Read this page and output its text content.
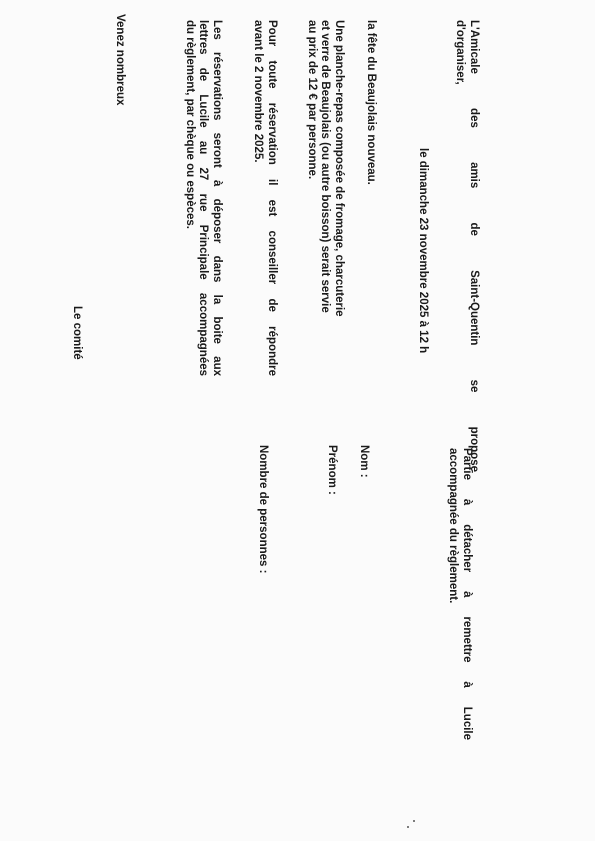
L'Amicale des amis de Saint-Quentin se propose
d'organiser,
le dimanche 23 novembre 2025 à 12 h
la fête du Beaujolais nouveau.
Une planche-repas composée de fromage, charcuterie
et verre de Beaujolais (ou autre boisson) serait servie
au prix de 12 € par personne.
Pour toute réservation il est conseiller de répondre
avant le 2 novembre 2025.
Les réservations seront à déposer dans la boite aux
lettres de Lucile au 27 rue Principale accompagnées
du règlement, par chèque ou espèces.
Venez nombreux
Le comité
Partie à détacher à remettre à Lucile
accompagnée du règlement.
Nom :
Prénom :
Nombre de personnes :
